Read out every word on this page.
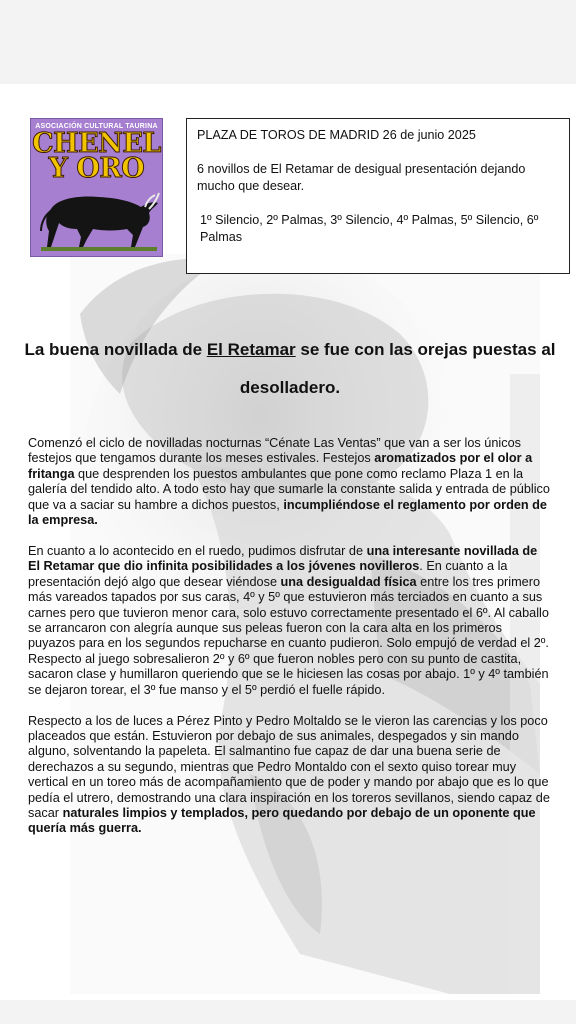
ASOCIACIÓN CULTURAL TAURINA
CHENEL
Y ORO

PLAZA DE TOROS DE MADRID 26 de junio 2025

6 novillos de El Retamar de desigual presentación dejando mucho que desear.

1º Silencio, 2º Palmas, 3º Silencio, 4º Palmas, 5º Silencio, 6º Palmas

La buena novillada de El Retamar se fue con las orejas puestas al desolladero.

Comenzó el ciclo de novilladas nocturnas “Cénate Las Ventas” que van a ser los únicos festejos que tengamos durante los meses estivales. Festejos aromatizados por el olor a fritanga que desprenden los puestos ambulantes que pone como reclamo Plaza 1 en la galería del tendido alto. A todo esto hay que sumarle la constante salida y entrada de público que va a saciar su hambre a dichos puestos, incumpliéndose el reglamento por orden de la empresa.

En cuanto a lo acontecido en el ruedo, pudimos disfrutar de una interesante novillada de El Retamar que dio infinita posibilidades a los jóvenes novilleros. En cuanto a la presentación dejó algo que desear viéndose una desigualdad física entre los tres primero más vareados tapados por sus caras, 4º y 5º que estuvieron más terciados en cuanto a sus carnes pero que tuvieron menor cara, solo estuvo correctamente presentado el 6º. Al caballo se arrancaron con alegría aunque sus peleas fueron con la cara alta en los primeros puyazos para en los segundos repucharse en cuanto pudieron. Solo empujó de verdad el 2º. Respecto al juego sobresalieron 2º y 6º que fueron nobles pero con su punto de castita, sacaron clase y humillaron queriendo que se le hiciesen las cosas por abajo. 1º y 4º también se dejaron torear, el 3º fue manso y el 5º perdió el fuelle rápido.

Respecto a los de luces a Pérez Pinto y Pedro Moltaldo se le vieron las carencias y los poco placeados que están. Estuvieron por debajo de sus animales, despegados y sin mando alguno, solventando la papeleta. El salmantino fue capaz de dar una buena serie de derechazos a su segundo, mientras que Pedro Montaldo con el sexto quiso torear muy vertical en un toreo más de acompañamiento que de poder y mando por abajo que es lo que pedía el utrero, demostrando una clara inspiración en los toreros sevillanos, siendo capaz de sacar naturales limpios y templados, pero quedando por debajo de un oponente que quería más guerra.
